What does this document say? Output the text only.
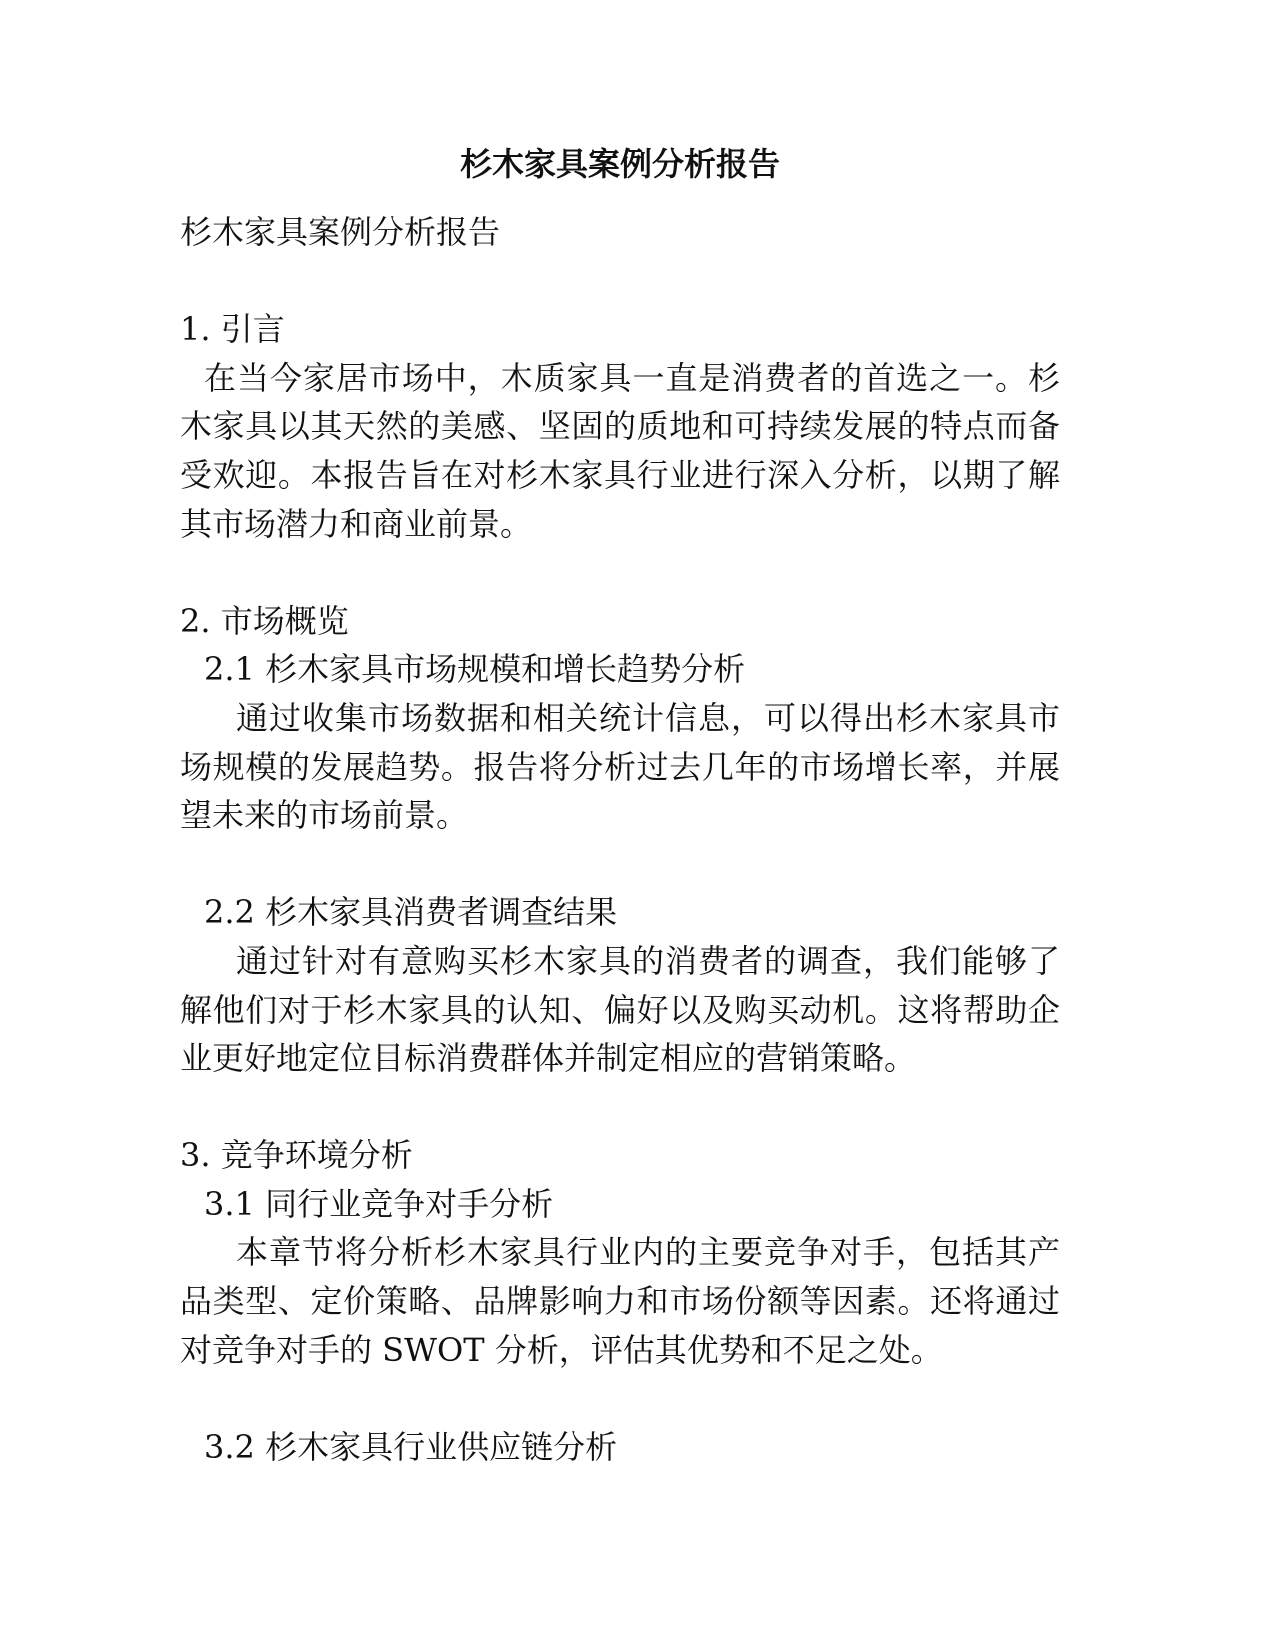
杉木家具案例分析报告

杉木家具案例分析报告

1. 引言

在当今家居市场中，木质家具一直是消费者的首选之一。杉木家具以其天然的美感、坚固的质地和可持续发展的特点而备受欢迎。本报告旨在对杉木家具行业进行深入分析，以期了解其市场潜力和商业前景。

2. 市场概览

2.1 杉木家具市场规模和增长趋势分析

通过收集市场数据和相关统计信息，可以得出杉木家具市场规模的发展趋势。报告将分析过去几年的市场增长率，并展望未来的市场前景。

2.2 杉木家具消费者调查结果

通过针对有意购买杉木家具的消费者的调查，我们能够了解他们对于杉木家具的认知、偏好以及购买动机。这将帮助企业更好地定位目标消费群体并制定相应的营销策略。

3. 竞争环境分析

3.1 同行业竞争对手分析

本章节将分析杉木家具行业内的主要竞争对手，包括其产品类型、定价策略、品牌影响力和市场份额等因素。还将通过对竞争对手的 SWOT 分析，评估其优势和不足之处。

3.2 杉木家具行业供应链分析
